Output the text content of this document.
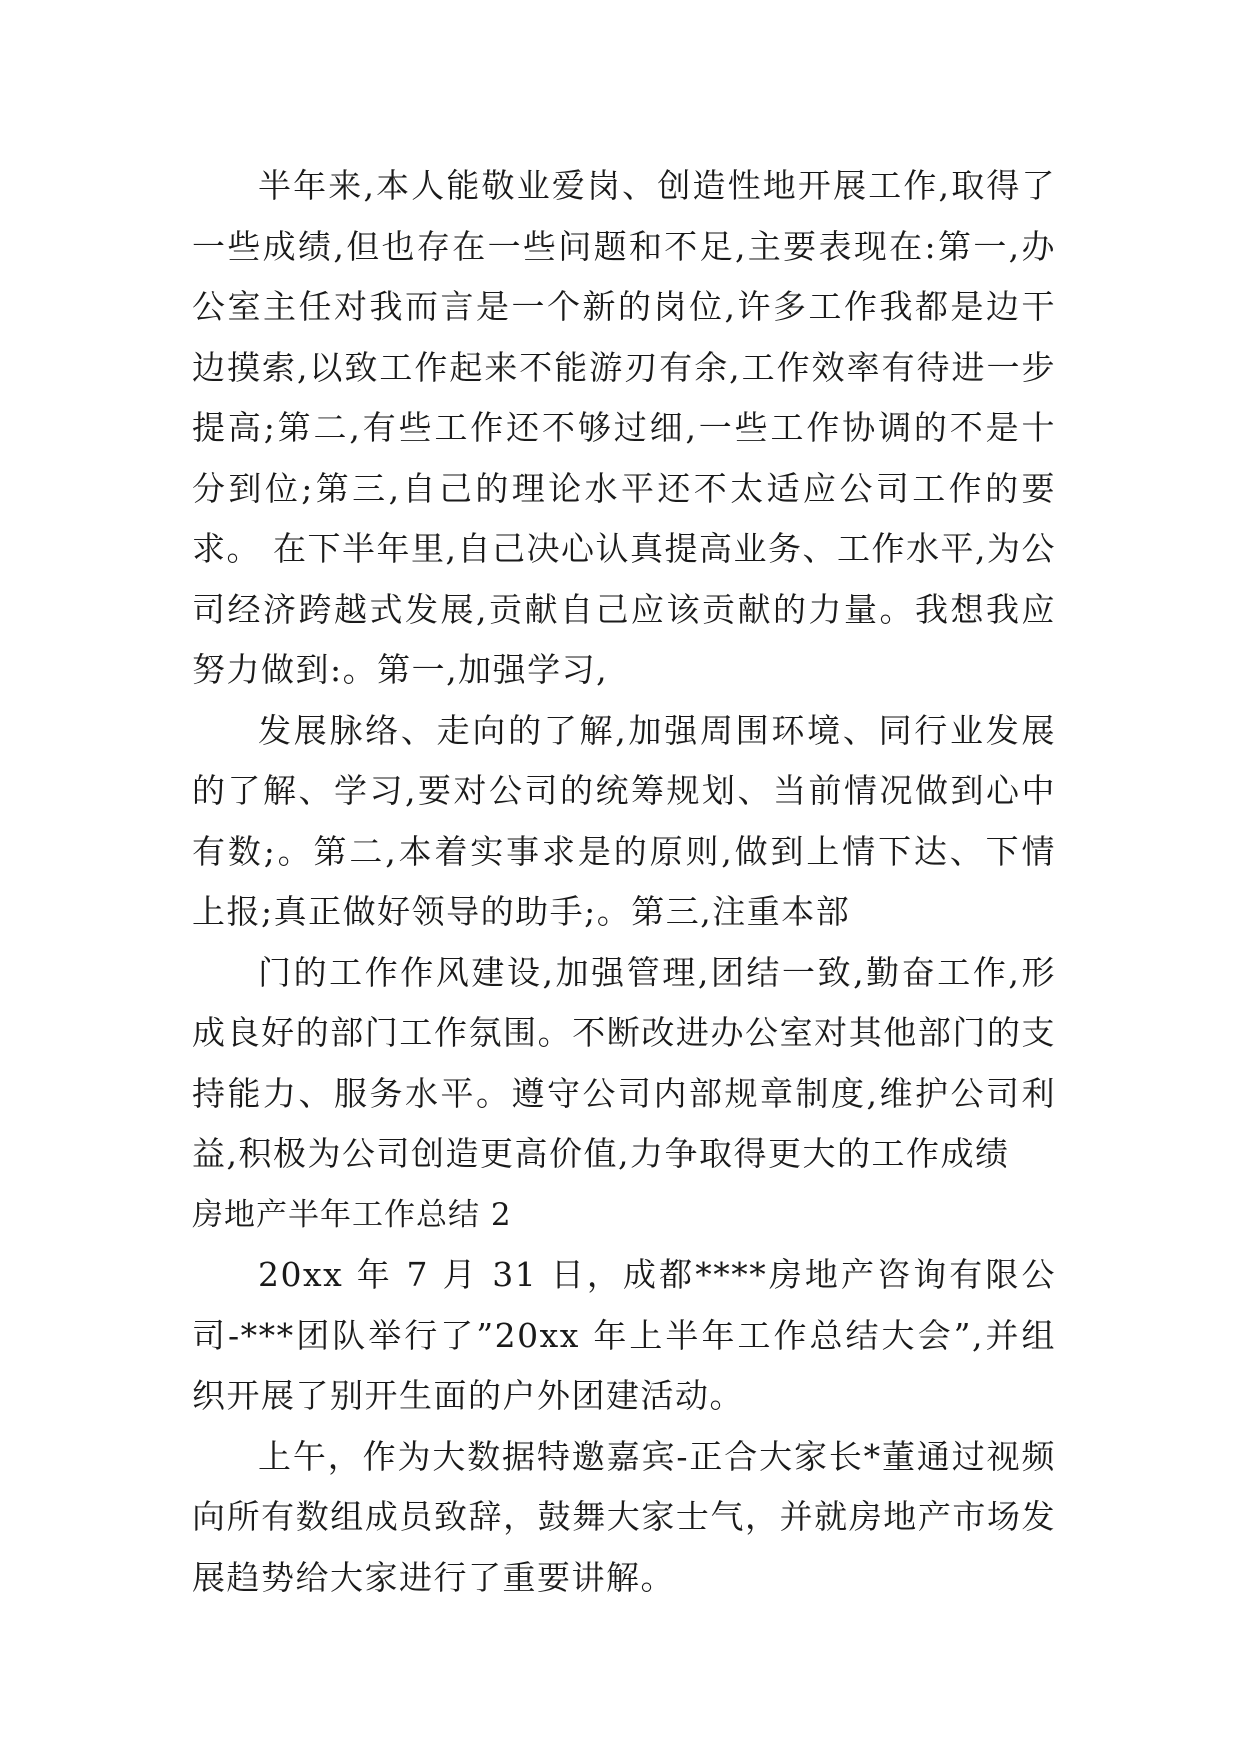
半年来,本人能敬业爱岗、创造性地开展工作,取得了一些成绩,但也存在一些问题和不足,主要表现在:第一,办公室主任对我而言是一个新的岗位,许多工作我都是边干边摸索,以致工作起来不能游刃有余,工作效率有待进一步提高;第二,有些工作还不够过细,一些工作协调的不是十分到位;第三,自己的理论水平还不太适应公司工作的要求。 在下半年里,自己决心认真提高业务、工作水平,为公司经济跨越式发展,贡献自己应该贡献的力量。我想我应努力做到:。第一,加强学习,

发展脉络、走向的了解,加强周围环境、同行业发展的了解、学习,要对公司的统筹规划、当前情况做到心中有数;。第二,本着实事求是的原则,做到上情下达、下情上报;真正做好领导的助手;。第三,注重本部

门的工作作风建设,加强管理,团结一致,勤奋工作,形成良好的部门工作氛围。不断改进办公室对其他部门的支持能力、服务水平。遵守公司内部规章制度,维护公司利益,积极为公司创造更高价值,力争取得更大的工作成绩

房地产半年工作总结 2

20xx 年 7 月 31 日，成都****房地产咨询有限公司-***团队举行了”20xx 年上半年工作总结大会”,并组织开展了别开生面的户外团建活动。

上午，作为大数据特邀嘉宾-正合大家长*董通过视频向所有数组成员致辞，鼓舞大家士气，并就房地产市场发展趋势给大家进行了重要讲解。
